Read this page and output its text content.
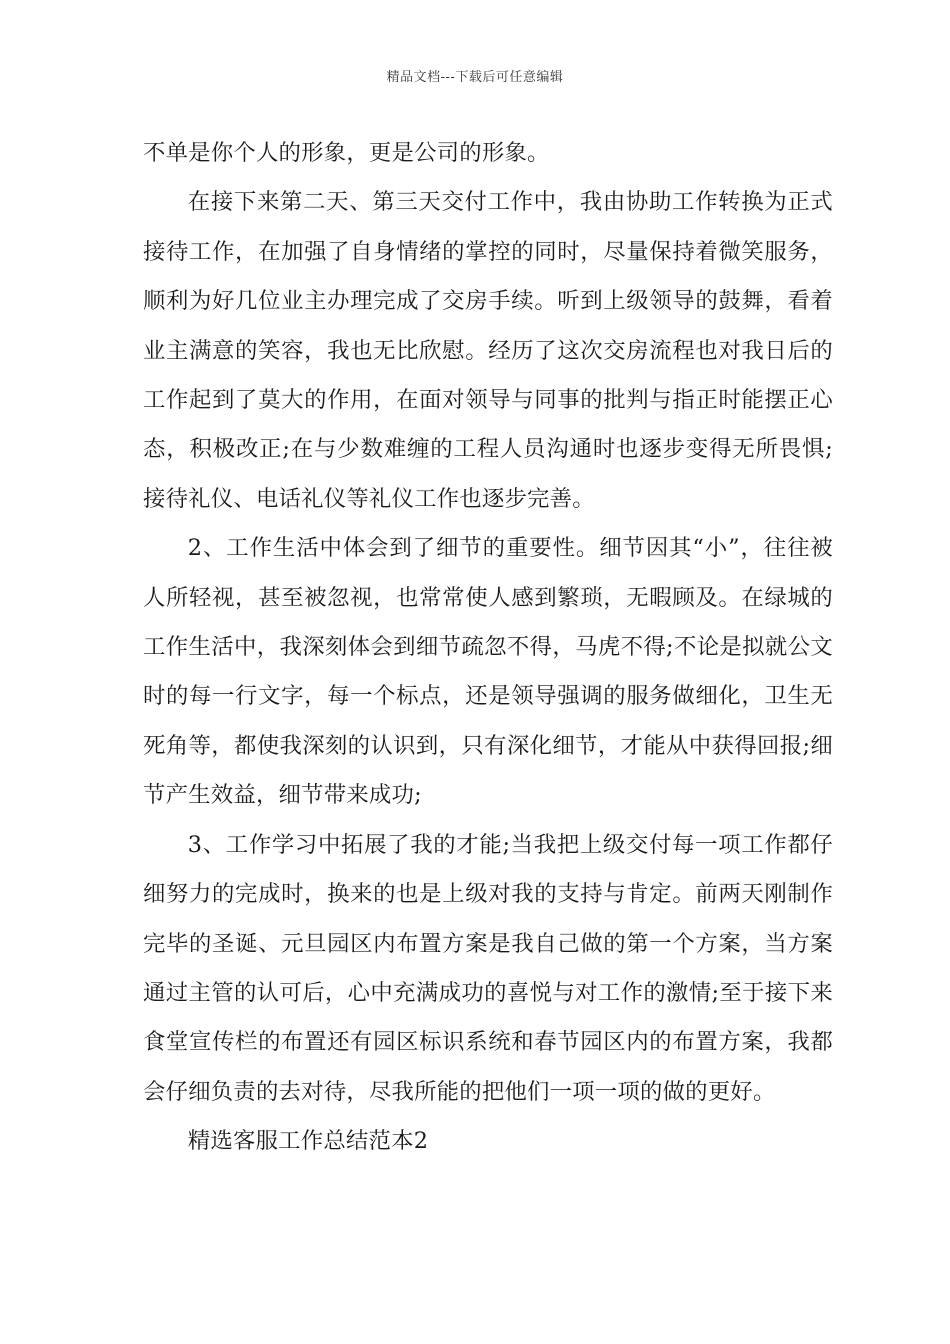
精品文档---下载后可任意编辑

不单是你个人的形象，更是公司的形象。

在接下来第二天、第三天交付工作中，我由协助工作转换为正式接待工作，在加强了自身情绪的掌控的同时，尽量保持着微笑服务，顺利为好几位业主办理完成了交房手续。听到上级领导的鼓舞，看着业主满意的笑容，我也无比欣慰。经历了这次交房流程也对我日后的工作起到了莫大的作用，在面对领导与同事的批判与指正时能摆正心态，积极改正;在与少数难缠的工程人员沟通时也逐步变得无所畏惧;接待礼仪、电话礼仪等礼仪工作也逐步完善。

2、工作生活中体会到了细节的重要性。细节因其“小”，往往被人所轻视，甚至被忽视，也常常使人感到繁琐，无暇顾及。在绿城的工作生活中，我深刻体会到细节疏忽不得，马虎不得;不论是拟就公文时的每一行文字，每一个标点，还是领导强调的服务做细化，卫生无死角等，都使我深刻的认识到，只有深化细节，才能从中获得回报;细节产生效益，细节带来成功;

3、工作学习中拓展了我的才能;当我把上级交付每一项工作都仔细努力的完成时，换来的也是上级对我的支持与肯定。前两天刚制作完毕的圣诞、元旦园区内布置方案是我自己做的第一个方案，当方案通过主管的认可后，心中充满成功的喜悦与对工作的激情;至于接下来食堂宣传栏的布置还有园区标识系统和春节园区内的布置方案，我都会仔细负责的去对待，尽我所能的把他们一项一项的做的更好。

精选客服工作总结范本2
